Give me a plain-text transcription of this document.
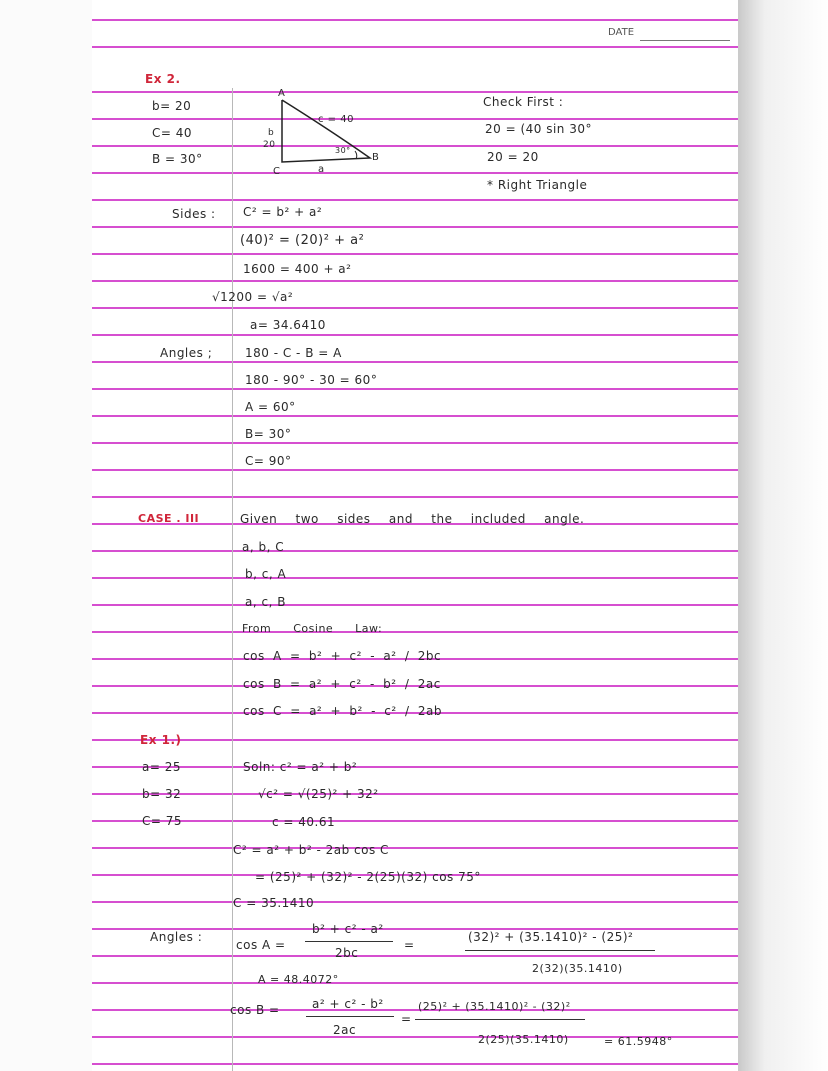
DATE
Ex 2.
b= 20
C= 40
B = 30°
A
B
C
c = 40
b
20
a
30°
Check First :
20 = (40 sin 30°
20 = 20
* Right Triangle
Sides : C² = b² + a²
(40)² = (20)² + a²
1600 = 400 + a²
√1200 = √a²
a= 34.6410
Angles ;	180 - C - B = A
180 - 90° - 30 = 60°
A = 60°
B= 30°
C= 90°
CASE . III	Given two sides and the included angle.
a, b, C
b, c, A
a, c, B
From Cosine Law:
cos A = b² + c² - a² / 2bc
cos B = a² + c² - b² / 2ac
cos C = a² + b² - c² / 2ab
Ex 1.)
a= 25
b= 32
C= 75
Soln: c² = a² + b²
√c² = √(25)² + 32²
c = 40.61
C² = a² + b² - 2ab cos C
= (25)² + (32)² - 2(25)(32) cos 75°
C = 35.1410
Angles :
cos A =
b² + c² - a²
2bc
=
(32)² + (35.1410)² - (25)²
2(32)(35.1410)
A = 48.4072°
cos B =	a² + c² - b²
2ac
=
(25)² + (35.1410)² - (32)²
2(25)(35.1410)	= 61.5948°
